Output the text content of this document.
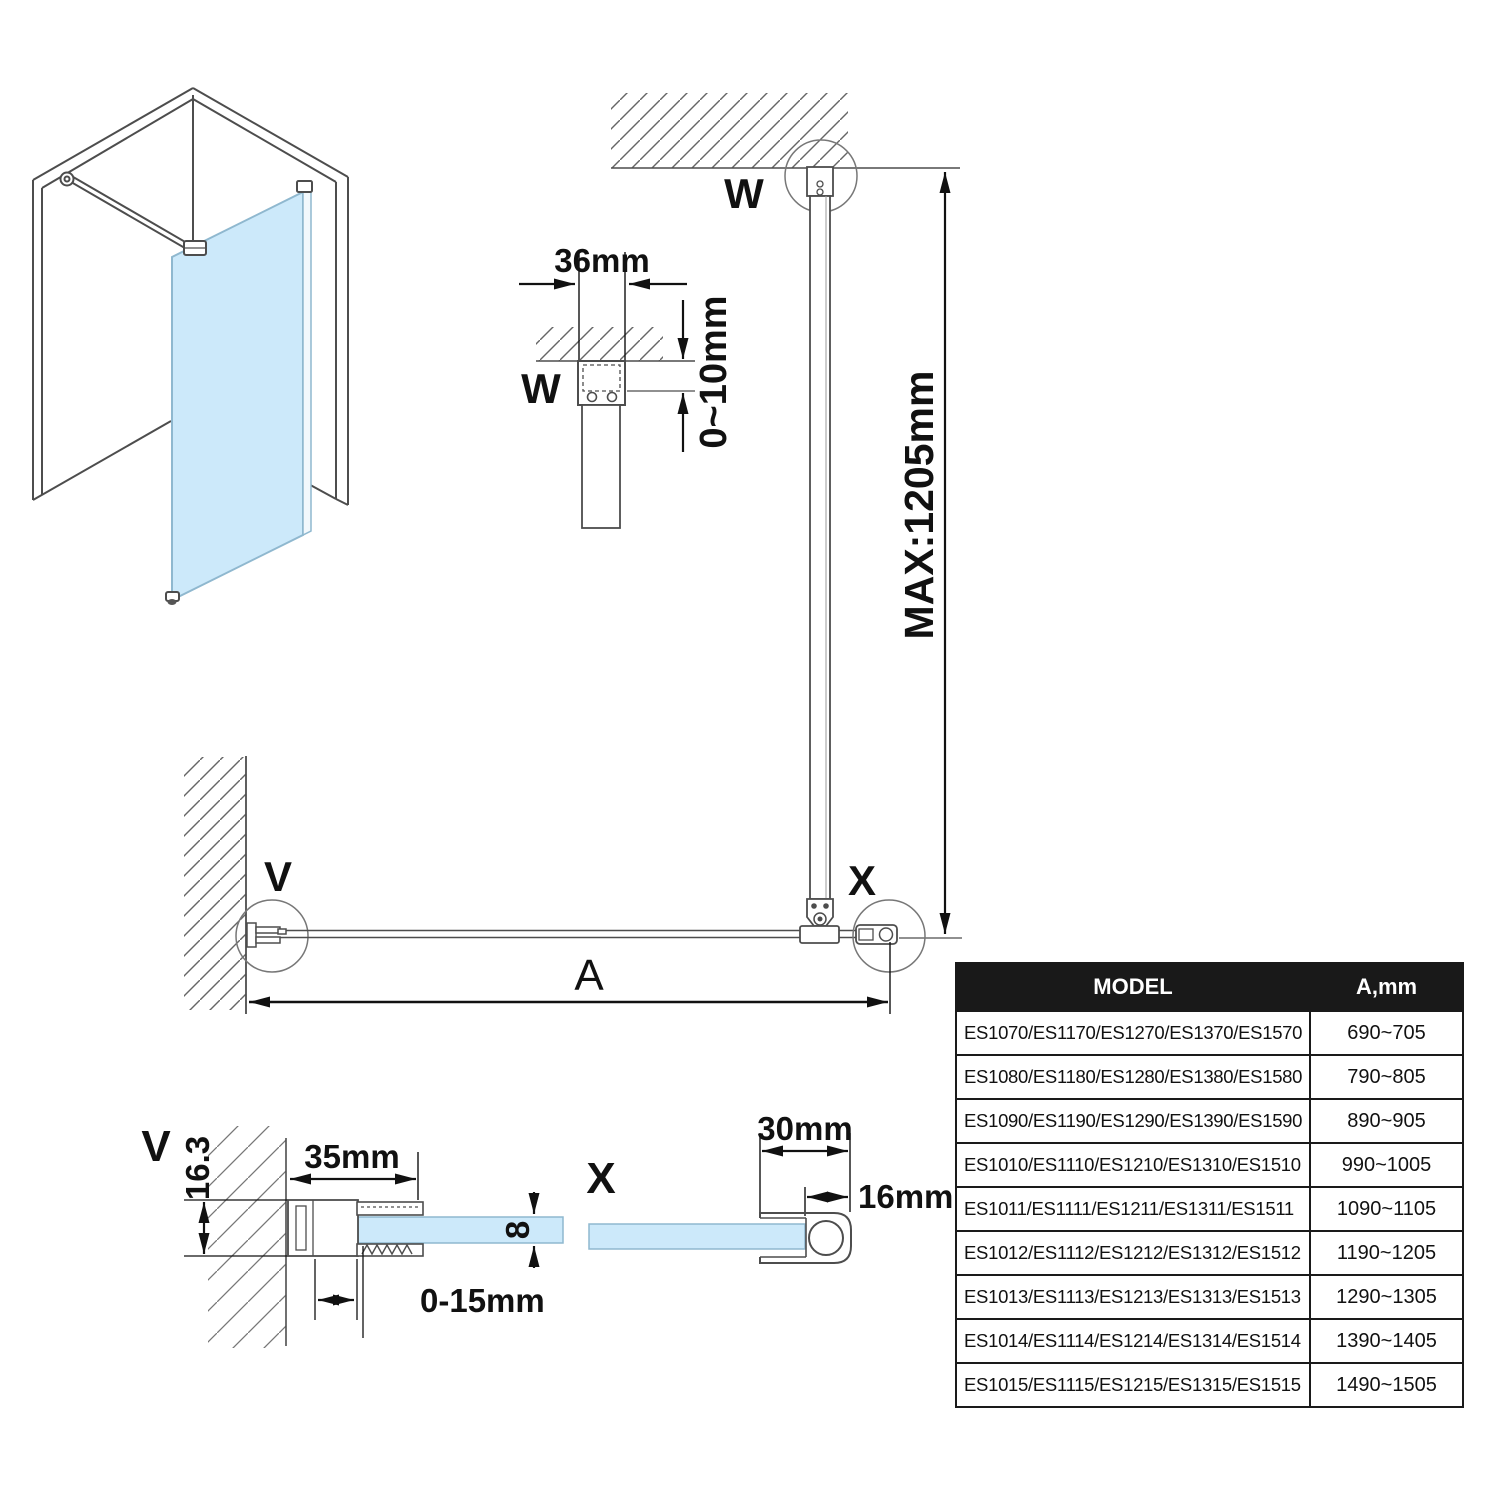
36mm
0~10mm
W
W
MAX:1205mm
V	X
A
V 16.3	35mm
8
0-15mm
X
30mm
16mm
MODEL	A,mm
ES1070/ES1170/ES1270/ES1370/ES1570	690~705
ES1080/ES1180/ES1280/ES1380/ES1580	790~805
ES1090/ES1190/ES1290/ES1390/ES1590	890~905
ES1010/ES1110/ES1210/ES1310/ES1510	990~1005
ES1011/ES1111/ES1211/ES1311/ES1511	1090~1105
ES1012/ES1112/ES1212/ES1312/ES1512	1190~1205
ES1013/ES1113/ES1213/ES1313/ES1513	1290~1305
ES1014/ES1114/ES1214/ES1314/ES1514	1390~1405
ES1015/ES1115/ES1215/ES1315/ES1515	1490~1505
